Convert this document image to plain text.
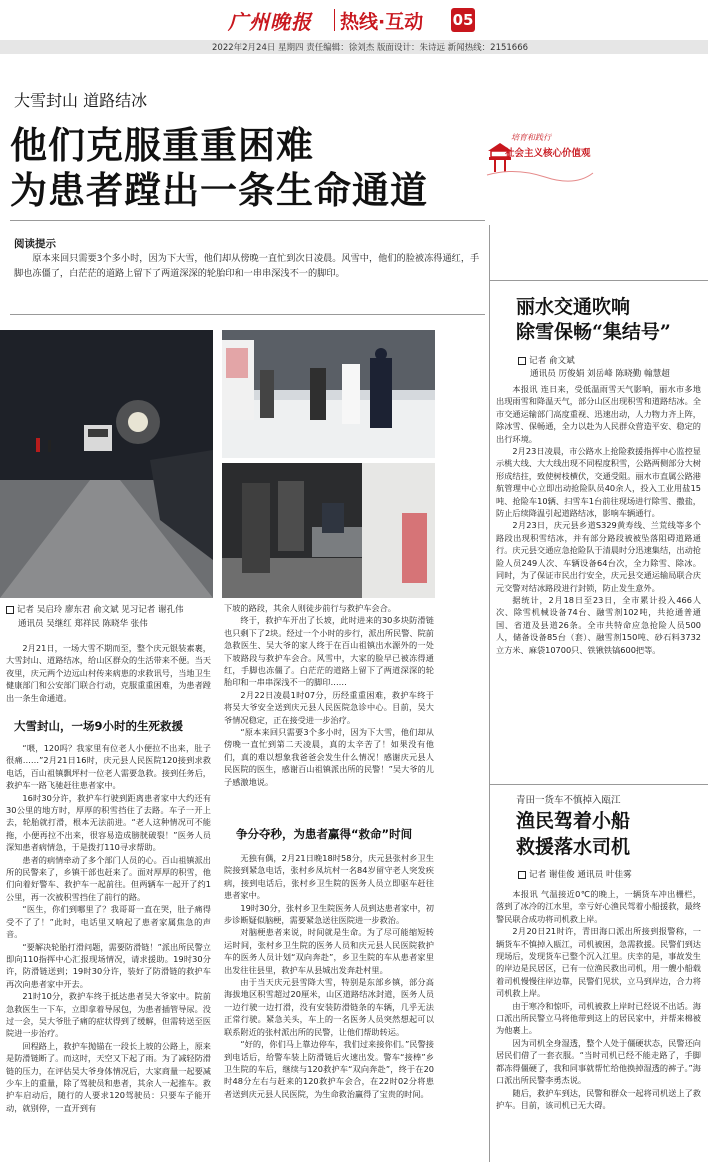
广州晚报 热线·互动 05
2022年2月24日 星期四 责任编辑：徐刘杰 版面设计：朱诗远 新闻热线：2151666
大雪封山 道路结冰
他们克服重重困难
为患者蹚出一条生命通道
培育和践行
社会主义核心价值观
阅读提示
原本来回只需要3个多小时，因为下大雪，他们却从傍晚一直忙到次日凌晨。风雪中，他们的脸被冻得通红，手脚也冻僵了，白茫茫的道路上留下了两道深深的轮胎印和一串串深浅不一的脚印。
记者 吴启玲 廖东君 俞文斌 见习记者 谢孔伟
通讯员 吴继红 郑祥民 陈晓华 张伟

2月21日，一场大雪不期而至，整个庆元银装素裹，大雪封山、道路结冰，给山区群众的生活带来不便。当天夜里，庆元两个边远山村传来病患的求救讯号，当地卫生健康部门和公安部门联合行动，克服重重困难，为患者蹚出一条生命通道。

大雪封山，一场9小时的生死救援

“喂，120吗？我家里有位老人小便拉不出来，肚子很痛……”2月21日16时，庆元县人民医院120接到求救电话，百山祖镇飘坪村一位老人需要急救。接到任务后，救护车一路飞驰赶往患者家中。

16时30分许，救护车行驶到距离患者家中大约还有30公里的地方时，厚厚的积雪挡住了去路。车子一开上去，轮胎就打滑，根本无法前进。“老人这种情况可不能拖，小便再拉不出来，很容易造成膀胱破裂！”医务人员深知患者病情急，于是拨打110寻求帮助。

患者的病情牵动了多个部门人员的心。百山祖镇派出所的民警来了，乡镇干部也赶来了。面对厚厚的积雪，他们向着好警车、救护车一起前往。但两辆车一起开了约1公里，再一次被积雪挡住了前行的路。

“医生，你们到哪里了？我哥哥一直在哭，肚子痛得受不了了！”此时，电话里又响起了患者家属焦急的声音。

“要解决轮胎打滑问题，需要防滑链！”派出所民警立即向110指挥中心汇报现场情况，请求援助。19时30分许，防滑链送到；19时30分许，装好了防滑链的救护车再次向患者家中开去。

21时10分，救护车终于抵达患者吴大爷家中。院前急救医生一下车，立即拿着导尿包，为患者插管导尿。没过一会，吴大爷肚子痛的症状得到了缓解，但需转送至医院进一步治疗。

回程路上，救护车抛锚在一段长上坡的公路上，原来是防滑链断了。而这时，天空又下起了雨。为了减轻防滑链的压力，在评估吴大爷身体情况后，大家商量一起要减少车上的重量，除了驾驶员和患者，其余人一起推车。救护车启动后，随行的人要求120驾驶员：只要车子能开动，就别停，一直开到有

下坡的路段，其余人则徒步前行与救护车会合。

终于，救护车开出了长坡，此时进来的30多块防滑链也只剩下了2块。经过一个小时的步行，派出所民警、院前急救医生、吴大爷的家人终于在百山祖镇出水源外的一处下坡路段与救护车会合。风雪中，大家的脸早已被冻得通红，手脚也冻僵了。白茫茫的道路上留下了两道深深的轮胎印和一串串深浅不一的脚印……

2月22日凌晨1时07分，历经重重困难，救护车终于将吴大爷安全送到庆元县人民医院急诊中心。目前，吴大爷情况稳定，正在接受进一步治疗。

“原本来回只需要3个多小时，因为下大雪，他们却从傍晚一直忙到第二天凌晨，真的太辛苦了！如果没有他们，真的难以想象我爸爸会发生什么情况！感谢庆元县人民医院的医生，感谢百山祖镇派出所的民警！”吴大爷的儿子感激地说。

争分夺秒，为患者赢得“救命”时间

无独有偶，2月21日晚18时58分，庆元县张村乡卫生院接到紧急电话，张村乡凤坑村一名84岁留守老人突发疾病，接到电话后，张村乡卫生院的医务人员立即驱车赶往患者家中。

19时30分，张村乡卫生院医务人员到达患者家中，初步诊断疑似脑梗，需要紧急送往医院进一步救治。

对脑梗患者来说，时间就是生命。为了尽可能缩短转运时间，张村乡卫生院的医务人员和庆元县人民医院救护车的医务人员计划“双向奔赴”，乡卫生院的车从患者家里出发往往县里，救护车从县城出发奔赴村里。

由于当天庆元县雪降大雪，特别是东部乡镇，部分高海拔地区积雪超过20厘米，山区道路结冰封道，医务人员一边行驶一边打滑，没有安装防滑链条的车辆，几乎无法正常行驶。紧急关头，车上的一名医务人员突然想起可以联系附近的张村派出所的民警，让他们帮助转运。

“好的，你们马上靠边停车，我们过来接你们。”民警接到电话后，给警车装上防滑链后火速出发。警车“接棒”乡卫生院的车后，继续与120救护车“双向奔赴”，终于在20时48分左右与赶来的120救护车会合，在22时02分将患者送到庆元县人民医院，为生命救治赢得了宝贵的时间。

丽水交通吹响
除雪保畅“集结号”
记者 俞文斌
通讯员 厉俊娟 刘岳峰 陈晓勤 翰慧超

本报讯 连日来，受低温雨雪天气影响，丽水市多地出现雨雪和降温天气，部分山区出现积雪和道路结冰。全市交通运输部门高度重视、迅速出动，人力物力齐上阵，除冰雪、保畅通，全力以赴为人民群众营造平安、稳定的出行环境。

2月23日凌晨，市公路水上抢险救援指挥中心监控显示桃大线、大大线出现不同程度积雪，公路两侧部分大树形成结拄，致使树枝横伏，交通受阻。丽水市直属公路港航管理中心立即出动抢险队员40余人，投入工业用盐15吨、抢险车10辆、扫雪车1台前往现场进行除雪、撒盐，防止后续降温引起道路结冰，影响车辆通行。

2月23日，庆元县乡道S329黄寿线、兰荒线等多个路段出现积雪结冰，并有部分路段被被坠落阻碍道路通行。庆元县交通应急抢险队于清晨时分迅速集结，出动抢险人员249人次、车辆设备64台次，全力除雪、除冰。同时，为了保证市民出行安全，庆元县交通运输局联合庆元交警对结冰路段进行封锁，防止发生意外。

据统计，2月18日至23日，全市累计投入466人次、除雪机械设备74台、融雪剂102吨，共抢通普通国、省道及县道26条。全市共特命应急抢险人员500人，储备设备85台（套）、融雪剂150吨、砂石料3732立方米、麻袋10700只、铁锹铁镐600把等。

青田一货车不慎掉入瓯江
渔民驾着小船
救援落水司机
记者 谢佳俊 通讯员 叶佳雾

本报讯 气温接近0℃的晚上，一辆货车冲出栅栏，落到了冰冷的江水里，幸亏好心渔民驾着小船援救，最终警民联合成功将司机救上岸。

2月20日21时许，青田海口派出所接到报警称，一辆货车不慎掉入瓯江，司机被困，急需救援。民警们到达现场后，发现货车已整个沉入江里。庆幸的是，事故发生的岸边是民居区，已有一位渔民救出司机，用一艘小船载着司机慢慢往岸边靠，民警们见状，立马到岸边，合力将司机救上岸。

由于寒冷和惊吓，司机被救上岸时已经说不出话。海口派出所民警立马将他带到这上的居民家中，并帮来棉被为他裹上。

因为司机全身湿透，整个人处于僵硬状态，民警还向居民们借了一套衣服。“当时司机已经不能走路了，手脚都冻得僵硬了，我和同事就帮忙给他换掉湿透的裤子。”海口派出所民警李勇杰说。

随后，救护车到达，民警和群众一起将司机送上了救护车。目前，该司机已无大碍。
